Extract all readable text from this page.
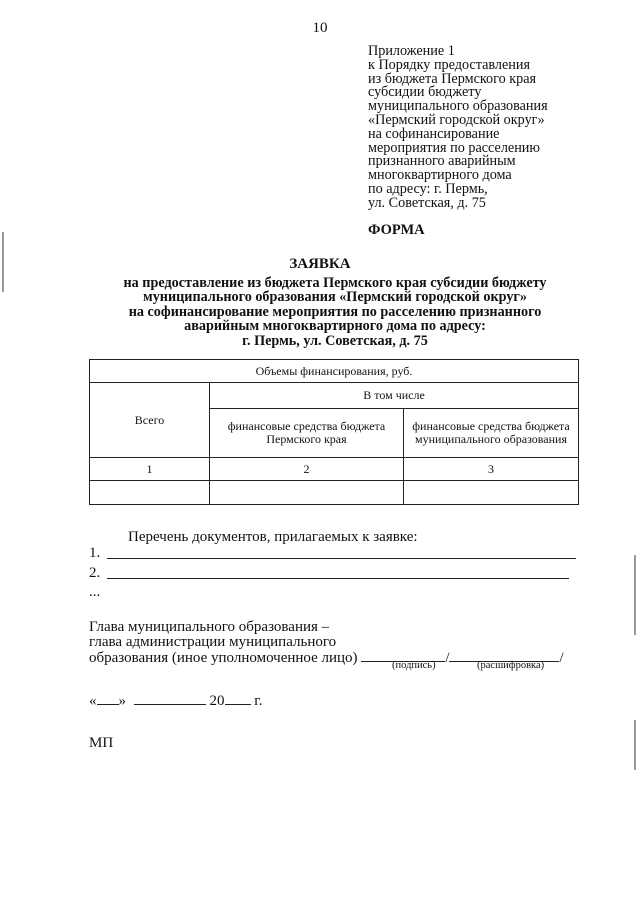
10
Приложение 1
к Порядку предоставления
из бюджета Пермского края
субсидии бюджету
муниципального образования
«Пермский городской округ»
на софинансирование
мероприятия по расселению
признанного аварийным
многоквартирного дома
по адресу: г. Пермь,
ул. Советская, д. 75
ФОРМА
ЗАЯВКА
на предоставление из бюджета Пермского края субсидии бюджету
муниципального образования «Пермский городской округ»
на софинансирование мероприятия по расселению признанного
аварийным многоквартирного дома по адресу:
г. Пермь, ул. Советская, д. 75
Объемы финансирования, руб.		
Всего	В том числе	
	финансовые средства бюджета Пермского края	финансовые средства бюджета муниципального образования
1	2	3

Перечень документов, прилагаемых к заявке:
1.
2.
...
Глава муниципального образования –
глава администрации муниципального
образования (иное уполномоченное лицо)	/	/
(подпись)	(расшифровка)
« »	20 г.
МП
